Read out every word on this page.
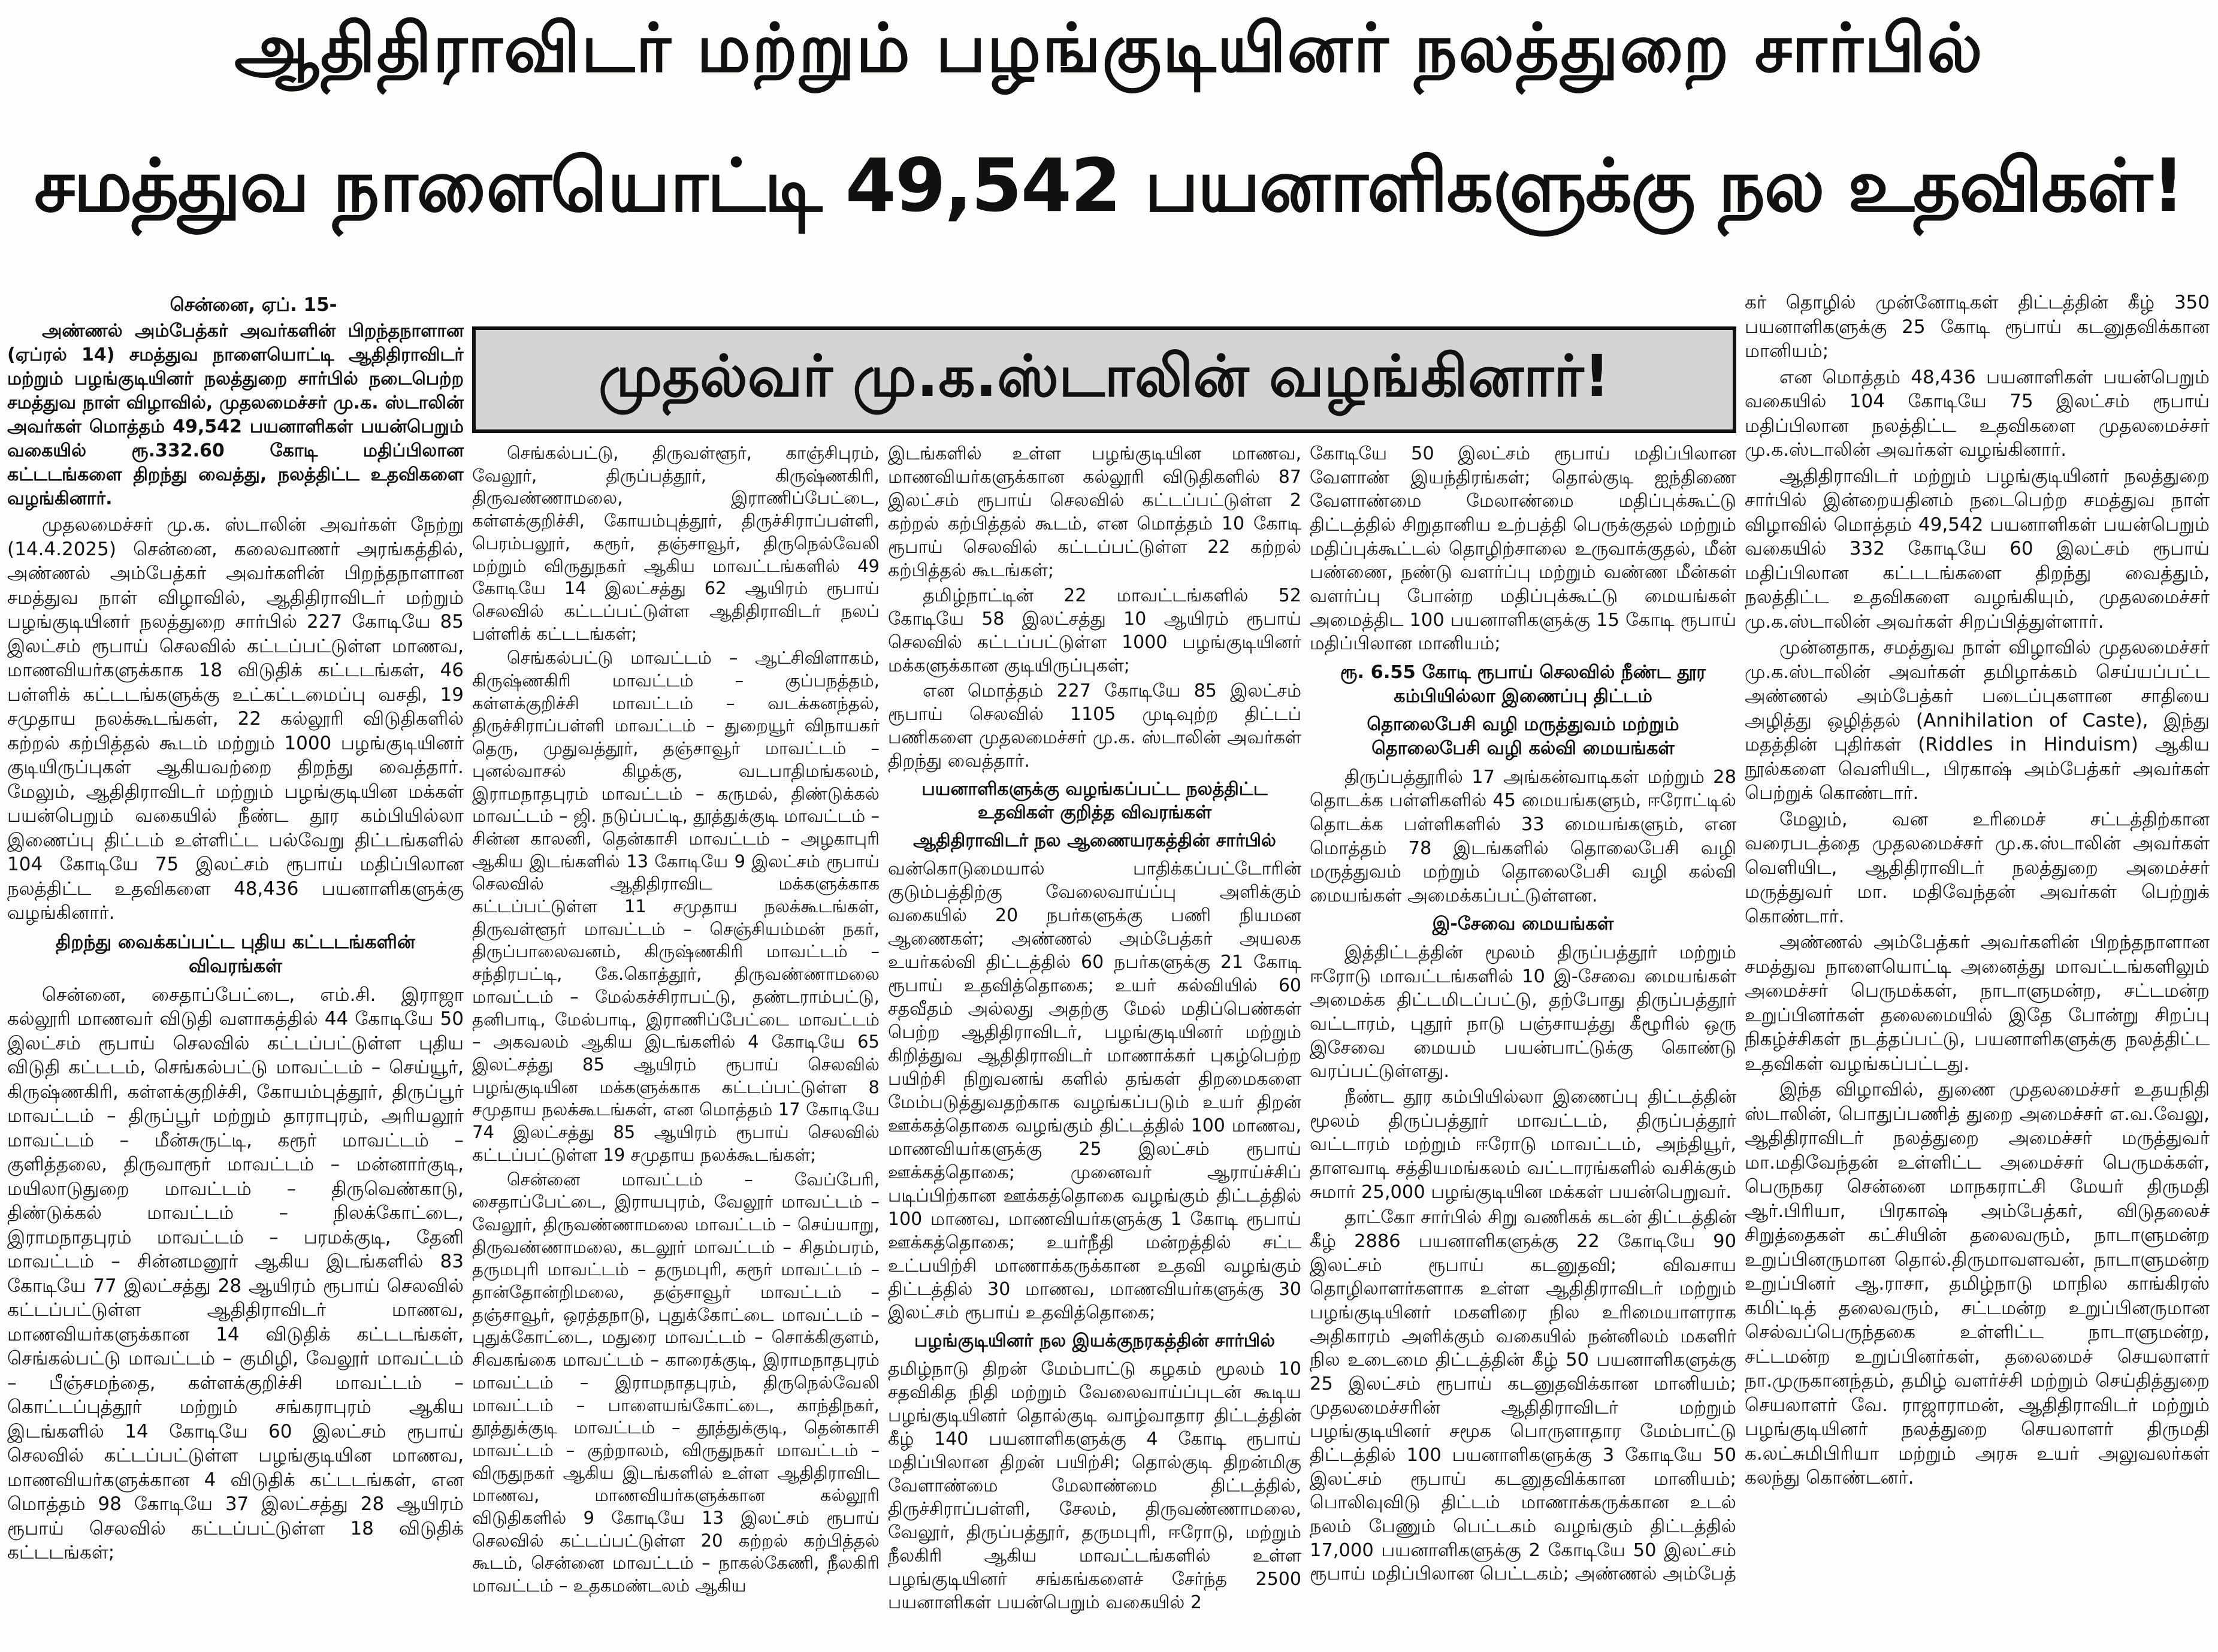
ஆதிதிராவிடர் மற்றும் பழங்குடியினர் நலத்துறை சார்பில்
சமத்துவ நாளையொட்டி 49,542 பயனாளிகளுக்கு நல உதவிகள்!
முதல்வர் மு.க.ஸ்டாலின் வழங்கினார்!
சென்னை, ஏப். 15-

அண்ணல் அம்பேத்கர் அவர்களின் பிறந்தநாளான (ஏப்ரல் 14) சமத்துவ நாளையொட்டி ஆதிதிராவிடர் மற்றும் பழங்குடியினர் நலத்துறை சார்பில் நடைபெற்ற சமத்துவ நாள் விழாவில், முதலமைச்சர் மு.க. ஸ்டாலின் அவர்கள் மொத்தம் 49,542 பயனாளிகள் பயன்பெறும் வகையில் ரூ.332.60 கோடி மதிப்பிலான கட்டடங்களை திறந்து வைத்து, நலத்திட்ட உதவிகளை வழங்கினார்.

முதலமைச்சர் மு.க. ஸ்டாலின் அவர்கள் நேற்று (14.4.2025) சென்னை, கலைவாணர் அரங்கத்தில், அண்ணல் அம்பேத்கர் அவர்களின் பிறந்தநாளான சமத்துவ நாள் விழாவில், ஆதிதிராவிடர் மற்றும் பழங்குடியினர் நலத்துறை சார்பில் 227 கோடியே 85 இலட்சம் ரூபாய் செலவில் கட்டப்பட்டுள்ள மாணவ, மாணவியர்களுக்காக 18 விடுதிக் கட்டடங்கள், 46 பள்ளிக் கட்டடங்களுக்கு உட்கட்டமைப்பு வசதி, 19 சமுதாய நலக்கூடங்கள், 22 கல்லூரி விடுதிகளில் கற்றல் கற்பித்தல் கூடம் மற்றும் 1000 பழங்குடியினர் குடியிருப்புகள் ஆகியவற்றை திறந்து வைத்தார். மேலும், ஆதிதிராவிடர் மற்றும் பழங்குடியின மக்கள் பயன்பெறும் வகையில் நீண்ட தூர கம்பியில்லா இணைப்பு திட்டம் உள்ளிட்ட பல்வேறு திட்டங்களில் 104 கோடியே 75 இலட்சம் ரூபாய் மதிப்பிலான நலத்திட்ட உதவிகளை 48,436 பயனாளிகளுக்கு வழங்கினார்.

திறந்து வைக்கப்பட்ட புதிய கட்டடங்களின் விவரங்கள்

சென்னை, சைதாப்பேட்டை, எம்.சி. இராஜா கல்லூரி மாணவர் விடுதி வளாகத்தில் 44 கோடியே 50 இலட்சம் ரூபாய் செலவில் கட்டப்பட்டுள்ள புதிய விடுதி கட்டடம், செங்கல்பட்டு மாவட்டம் – செய்யூர், கிருஷ்ணகிரி, கள்ளக்குறிச்சி, கோயம்புத்தூர், திருப்பூர் மாவட்டம் – திருப்பூர் மற்றும் தாராபுரம், அரியலூர் மாவட்டம் – மீன்சுருட்டி, கரூர் மாவட்டம் – குளித்தலை, திருவாரூர் மாவட்டம் – மன்னார்குடி, மயிலாடுதுறை மாவட்டம் – திருவெண்காடு, திண்டுக்கல் மாவட்டம் – நிலக்கோட்டை, இராமநாதபுரம் மாவட்டம் – பரமக்குடி, தேனி மாவட்டம் – சின்னமனூர் ஆகிய இடங்களில் 83 கோடியே 77 இலட்சத்து 28 ஆயிரம் ரூபாய் செலவில் கட்டப்பட்டுள்ள ஆதிதிராவிடர் மாணவ, மாணவியர்களுக்கான 14 விடுதிக் கட்டடங்கள், செங்கல்பட்டு மாவட்டம் – குமிழி, வேலூர் மாவட்டம் – பீஞ்சமந்தை, கள்ளக்குறிச்சி மாவட்டம் – கொட்டப்புத்தூர் மற்றும் சங்கராபுரம் ஆகிய இடங்களில் 14 கோடியே 60 இலட்சம் ரூபாய் செலவில் கட்டப்பட்டுள்ள பழங்குடியின மாணவ, மாணவியர்களுக்கான 4 விடுதிக் கட்டடங்கள், என மொத்தம் 98 கோடியே 37 இலட்சத்து 28 ஆயிரம் ரூபாய் செலவில் கட்டப்பட்டுள்ள 18 விடுதிக் கட்டடங்கள்;

செங்கல்பட்டு, திருவள்ளூர், காஞ்சிபுரம், வேலூர், திருப்பத்தூர், கிருஷ்ணகிரி, திருவண்ணாமலை, இராணிப்பேட்டை, கள்ளக்குறிச்சி, கோயம்புத்தூர், திருச்சிராப்பள்ளி, பெரம்பலூர், கரூர், தஞ்சாவூர், திருநெல்வேலி மற்றும் விருதுநகர் ஆகிய மாவட்டங்களில் 49 கோடியே 14 இலட்சத்து 62 ஆயிரம் ரூபாய் செலவில் கட்டப்பட்டுள்ள ஆதிதிராவிடர் நலப் பள்ளிக் கட்டடங்கள்;

செங்கல்பட்டு மாவட்டம் – ஆட்சிவிளாகம், கிருஷ்ணகிரி மாவட்டம் – குப்பநத்தம், கள்ளக்குறிச்சி மாவட்டம் – வடக்கனந்தல், திருச்சிராப்பள்ளி மாவட்டம் – துறையூர் விநாயகர் தெரு, முதுவத்தூர், தஞ்சாவூர் மாவட்டம் – புனல்வாசல் கிழக்கு, வடபாதிமங்கலம், இராமநாதபுரம் மாவட்டம் – கருமல், திண்டுக்கல் மாவட்டம் – ஜி. நடுப்பட்டி, தூத்துக்குடி மாவட்டம் – சின்ன காலனி, தென்காசி மாவட்டம் – அழகாபுரி ஆகிய இடங்களில் 13 கோடியே 9 இலட்சம் ரூபாய் செலவில் ஆதிதிராவிட மக்களுக்காக கட்டப்பட்டுள்ள 11 சமுதாய நலக்கூடங்கள், திருவள்ளூர் மாவட்டம் – செஞ்சியம்மன் நகர், திருப்பாலைவனம், கிருஷ்ணகிரி மாவட்டம் – சந்திரபட்டி, கே.கொத்தூர், திருவண்ணாமலை மாவட்டம் – மேல்கச்சிராபட்டு, தண்டராம்பட்டு, தனிபாடி, மேல்பாடி, இராணிப்பேட்டை மாவட்டம் – அகவலம் ஆகிய இடங்களில் 4 கோடியே 65 இலட்சத்து 85 ஆயிரம் ரூபாய் செலவில் பழங்குடியின மக்களுக்காக கட்டப்பட்டுள்ள 8 சமுதாய நலக்கூடங்கள், என மொத்தம் 17 கோடியே 74 இலட்சத்து 85 ஆயிரம் ரூபாய் செலவில் கட்டப்பட்டுள்ள 19 சமுதாய நலக்கூடங்கள்;

சென்னை மாவட்டம் – வேப்பேரி, சைதாப்பேட்டை, இராயபுரம், வேலூர் மாவட்டம் – வேலூர், திருவண்ணாமலை மாவட்டம் – செய்யாறு, திருவண்ணாமலை, கடலூர் மாவட்டம் – சிதம்பரம், தருமபுரி மாவட்டம் – தருமபுரி, கரூர் மாவட்டம் – தான்தோன்றிமலை, தஞ்சாவூர் மாவட்டம் – தஞ்சாவூர், ஒரத்தநாடு, புதுக்கோட்டை மாவட்டம் – புதுக்கோட்டை, மதுரை மாவட்டம் – சொக்கிகுளம், சிவகங்கை மாவட்டம் – காரைக்குடி, இராமநாதபுரம் மாவட்டம் – இராமநாதபுரம், திருநெல்வேலி மாவட்டம் – பாளையங்கோட்டை, காந்திநகர், தூத்துக்குடி மாவட்டம் – தூத்துக்குடி, தென்காசி மாவட்டம் – குற்றாலம், விருதுநகர் மாவட்டம் – விருதுநகர் ஆகிய இடங்களில் உள்ள ஆதிதிராவிட மாணவ, மாணவியர்களுக்கான கல்லூரி விடுதிகளில் 9 கோடியே 13 இலட்சம் ரூபாய் செலவில் கட்டப்பட்டுள்ள 20 கற்றல் கற்பித்தல் கூடம், சென்னை மாவட்டம் – நாகல்கேணி, நீலகிரி மாவட்டம் – உதகமண்டலம் ஆகிய

இடங்களில் உள்ள பழங்குடியின மாணவ, மாணவியர்களுக்கான கல்லூரி விடுதிகளில் 87 இலட்சம் ரூபாய் செலவில் கட்டப்பட்டுள்ள 2 கற்றல் கற்பித்தல் கூடம், என மொத்தம் 10 கோடி ரூபாய் செலவில் கட்டப்பட்டுள்ள 22 கற்றல் கற்பித்தல் கூடங்கள்;

தமிழ்நாட்டின் 22 மாவட்டங்களில் 52 கோடியே 58 இலட்சத்து 10 ஆயிரம் ரூபாய் செலவில் கட்டப்பட்டுள்ள 1000 பழங்குடியினர் மக்களுக்கான குடியிருப்புகள்;

என மொத்தம் 227 கோடியே 85 இலட்சம் ரூபாய் செலவில் 1105 முடிவுற்ற திட்டப் பணிகளை முதலமைச்சர் மு.க. ஸ்டாலின் அவர்கள் திறந்து வைத்தார்.

பயனாளிகளுக்கு வழங்கப்பட்ட நலத்திட்ட உதவிகள் குறித்த விவரங்கள்
ஆதிதிராவிடர் நல ஆணையரகத்தின் சார்பில்

வன்கொடுமையால் பாதிக்கப்பட்டோரின் குடும்பத்திற்கு வேலைவாய்ப்பு அளிக்கும் வகையில் 20 நபர்களுக்கு பணி நியமன ஆணைகள்; அண்ணல் அம்பேத்கர் அயலக உயர்கல்வி திட்டத்தில் 60 நபர்களுக்கு 21 கோடி ரூபாய் உதவித்தொகை; உயர் கல்வியில் 60 சதவீதம் அல்லது அதற்கு மேல் மதிப்பெண்கள் பெற்ற ஆதிதிராவிடர், பழங்குடியினர் மற்றும் கிறித்துவ ஆதிதிராவிடர் மாணாக்கர் புகழ்பெற்ற பயிற்சி நிறுவனங் களில் தங்கள் திறமைகளை மேம்படுத்துவதற்காக வழங்கப்படும் உயர் திறன் ஊக்கத்தொகை வழங்கும் திட்டத்தில் 100 மாணவ, மாணவியர்களுக்கு 25 இலட்சம் ரூபாய் ஊக்கத்தொகை; முனைவர் ஆராய்ச்சிப் படிப்பிற்கான ஊக்கத்தொகை வழங்கும் திட்டத்தில் 100 மாணவ, மாணவியர்களுக்கு 1 கோடி ரூபாய் ஊக்கத்தொகை; உயர்நீதி மன்றத்தில் சட்ட உட்பயிற்சி மாணாக்கருக்கான உதவி வழங்கும் திட்டத்தில் 30 மாணவ, மாணவியர்களுக்கு 30 இலட்சம் ரூபாய் உதவித்தொகை;

பழங்குடியினர் நல இயக்குநரகத்தின் சார்பில்

தமிழ்நாடு திறன் மேம்பாட்டு கழகம் மூலம் 10 சதவிகித நிதி மற்றும் வேலைவாய்ப்புடன் கூடிய பழங்குடியினர் தொல்குடி வாழ்வாதார திட்டத்தின் கீழ் 140 பயனாளிகளுக்கு 4 கோடி ரூபாய் மதிப்பிலான திறன் பயிற்சி; தொல்குடி திறன்மிகு வேளாண்மை மேலாண்மை திட்டத்தில், திருச்சிராப்பள்ளி, சேலம், திருவண்ணாமலை, வேலூர், திருப்பத்தூர், தருமபுரி, ஈரோடு, மற்றும் நீலகிரி ஆகிய மாவட்டங்களில் உள்ள பழங்குடியினர் சங்கங்களைச் சேர்ந்த 2500 பயனாளிகள் பயன்பெறும் வகையில் 2

கோடியே 50 இலட்சம் ரூபாய் மதிப்பிலான வேளாண் இயந்திரங்கள்; தொல்குடி ஐந்திணை வேளாண்மை மேலாண்மை மதிப்புக்கூட்டு திட்டத்தில் சிறுதானிய உற்பத்தி பெருக்குதல் மற்றும் மதிப்புக்கூட்டல் தொழிற்சாலை உருவாக்குதல், மீன் பண்ணை, நண்டு வளர்ப்பு மற்றும் வண்ண மீன்கள் வளர்ப்பு போன்ற மதிப்புக்கூட்டு மையங்கள் அமைத்திட 100 பயனாளிகளுக்கு 15 கோடி ரூபாய் மதிப்பிலான மானியம்;

ரூ. 6.55 கோடி ரூபாய் செலவில் நீண்ட தூர கம்பியில்லா இணைப்பு திட்டம்
தொலைபேசி வழி மருத்துவம் மற்றும் தொலைபேசி வழி கல்வி மையங்கள்

திருப்பத்தூரில் 17 அங்கன்வாடிகள் மற்றும் 28 தொடக்க பள்ளிகளில் 45 மையங்களும், ஈரோட்டில் தொடக்க பள்ளிகளில் 33 மையங்களும், என மொத்தம் 78 இடங்களில் தொலைபேசி வழி மருத்துவம் மற்றும் தொலைபேசி வழி கல்வி மையங்கள் அமைக்கப்பட்டுள்ளன.

இ-சேவை மையங்கள்

இத்திட்டத்தின் மூலம் திருப்பத்தூர் மற்றும் ஈரோடு மாவட்டங்களில் 10 இ-சேவை மையங்கள் அமைக்க திட்டமிடப்பட்டு, தற்போது திருப்பத்தூர் வட்டாரம், புதூர் நாடு பஞ்சாயத்து கீழூரில் ஒரு இசேவை மையம் பயன்பாட்டுக்கு கொண்டு வரப்பட்டுள்ளது.

நீண்ட தூர கம்பியில்லா இணைப்பு திட்டத்தின் மூலம் திருப்பத்தூர் மாவட்டம், திருப்பத்தூர் வட்டாரம் மற்றும் ஈரோடு மாவட்டம், அந்தியூர், தாளவாடி சத்தியமங்கலம் வட்டாரங்களில் வசிக்கும் சுமார் 25,000 பழங்குடியின மக்கள் பயன்பெறுவர்.

தாட்கோ சார்பில் சிறு வணிகக் கடன் திட்டத்தின் கீழ் 2886 பயனாளிகளுக்கு 22 கோடியே 90 இலட்சம் ரூபாய் கடனுதவி; விவசாய தொழிலாளர்களாக உள்ள ஆதிதிராவிடர் மற்றும் பழங்குடியினர் மகளிரை நில உரிமையாளராக அதிகாரம் அளிக்கும் வகையில் நன்னிலம் மகளிர் நில உடைமை திட்டத்தின் கீழ் 50 பயனாளிகளுக்கு 25 இலட்சம் ரூபாய் கடனுதவிக்கான மானியம்; முதலமைச்சரின் ஆதிதிராவிடர் மற்றும் பழங்குடியினர் சமூக பொருளாதார மேம்பாட்டு திட்டத்தில் 100 பயனாளிகளுக்கு 3 கோடியே 50 இலட்சம் ரூபாய் கடனுதவிக்கான மானியம்; பொலிவுவிடு திட்டம் மாணாக்கருக்கான உடல் நலம் பேணும் பெட்டகம் வழங்கும் திட்டத்தில் 17,000 பயனாளிகளுக்கு 2 கோடியே 50 இலட்சம் ரூபாய் மதிப்பிலான பெட்டகம்; அண்ணல் அம்பேத்

கர் தொழில் முன்னோடிகள் திட்டத்தின் கீழ் 350 பயனாளிகளுக்கு 25 கோடி ரூபாய் கடனுதவிக்கான மானியம்;

என மொத்தம் 48,436 பயனாளிகள் பயன்பெறும் வகையில் 104 கோடியே 75 இலட்சம் ரூபாய் மதிப்பிலான நலத்திட்ட உதவிகளை முதலமைச்சர் மு.க.ஸ்டாலின் அவர்கள் வழங்கினார்.

ஆதிதிராவிடர் மற்றும் பழங்குடியினர் நலத்துறை சார்பில் இன்றையதினம் நடைபெற்ற சமத்துவ நாள் விழாவில் மொத்தம் 49,542 பயனாளிகள் பயன்பெறும் வகையில் 332 கோடியே 60 இலட்சம் ரூபாய் மதிப்பிலான கட்டடங்களை திறந்து வைத்தும், நலத்திட்ட உதவிகளை வழங்கியும், முதலமைச்சர் மு.க.ஸ்டாலின் அவர்கள் சிறப்பித்துள்ளார்.

முன்னதாக, சமத்துவ நாள் விழாவில் முதலமைச்சர் மு.க.ஸ்டாலின் அவர்கள் தமிழாக்கம் செய்யப்பட்ட அண்ணல் அம்பேத்கர் படைப்புகளான சாதியை அழித்து ஒழித்தல் (Annihilation of Caste), இந்து மதத்தின் புதிர்கள் (Riddles in Hinduism) ஆகிய நூல்களை வெளியிட, பிரகாஷ் அம்பேத்கர் அவர்கள் பெற்றுக் கொண்டார்.

மேலும், வன உரிமைச் சட்டத்திற்கான வரைபடத்தை முதலமைச்சர் மு.க.ஸ்டாலின் அவர்கள் வெளியிட, ஆதிதிராவிடர் நலத்துறை அமைச்சர் மருத்துவர் மா. மதிவேந்தன் அவர்கள் பெற்றுக் கொண்டார்.

அண்ணல் அம்பேத்கர் அவர்களின் பிறந்தநாளான சமத்துவ நாளையொட்டி அனைத்து மாவட்டங்களிலும் அமைச்சர் பெருமக்கள், நாடாளுமன்ற, சட்டமன்ற உறுப்பினர்கள் தலைமையில் இதே போன்று சிறப்பு நிகழ்ச்சிகள் நடத்தப்பட்டு, பயனாளிகளுக்கு நலத்திட்ட உதவிகள் வழங்கப்பட்டது.

இந்த விழாவில், துணை முதலமைச்சர் உதயநிதி ஸ்டாலின், பொதுப்பணித் துறை அமைச்சர் எ.வ.வேலு, ஆதிதிராவிடர் நலத்துறை அமைச்சர் மருத்துவர் மா.மதிவேந்தன் உள்ளிட்ட அமைச்சர் பெருமக்கள், பெருநகர சென்னை மாநகராட்சி மேயர் திருமதி ஆர்.பிரியா, பிரகாஷ் அம்பேத்கர், விடுதலைச் சிறுத்தைகள் கட்சியின் தலைவரும், நாடாளுமன்ற உறுப்பினருமான தொல்.திருமாவளவன், நாடாளுமன்ற உறுப்பினர் ஆ.ராசா, தமிழ்நாடு மாநில காங்கிரஸ் கமிட்டித் தலைவரும், சட்டமன்ற உறுப்பினருமான செல்வப்பெருந்தகை உள்ளிட்ட நாடாளுமன்ற, சட்டமன்ற உறுப்பினர்கள், தலைமைச் செயலாளர் நா.முருகானந்தம், தமிழ் வளர்ச்சி மற்றும் செய்தித்துறை செயலாளர் வே. ராஜாராமன், ஆதிதிராவிடர் மற்றும் பழங்குடியினர் நலத்துறை செயலாளர் திருமதி க.லட்சுமிபிரியா மற்றும் அரசு உயர் அலுவலர்கள் கலந்து கொண்டனர்.
